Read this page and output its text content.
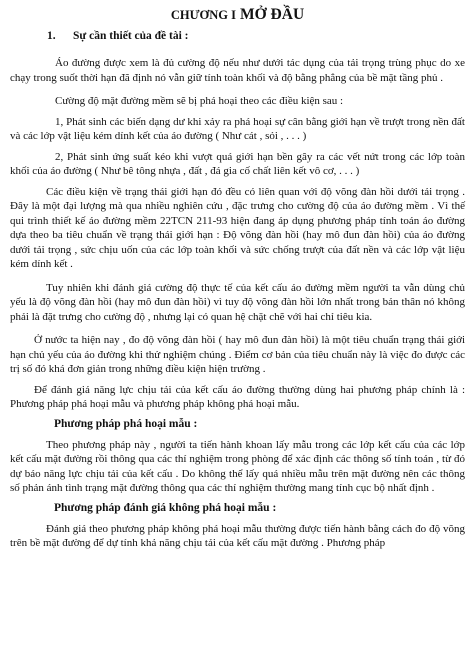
CHƯƠNG I MỞ ĐẦU
1. Sự cần thiết của đề tài :

Áo đường được xem là đủ cường độ nếu như dưới tác dụng của tải trọng trùng phục do xe chạy trong suốt thời hạn đã định nó vẫn giữ tính toàn khối và độ bằng phẳng của bề mặt tầng phủ .

Cường độ mặt đường mềm sẽ bị phá hoại theo các điều kiện sau :

1, Phát sinh các biến dạng dư khi xảy ra phá hoại sự cân bằng giới hạn về trượt trong nền đất và các lớp vật liệu kém dính kết của áo đường ( Như cát , sỏi , . . . )

2, Phát sinh ứng suất kéo khi vượt quá giới hạn bền gây ra các vết nứt trong các lớp toàn khối của áo đường ( Như bê tông nhựa , đất , đá gia cố chất liên kết vô cơ, . . . )

Các điều kiện về trạng thái giới hạn đó đều có liên quan với độ võng đàn hồi dưới tải trọng . Đây là một đại lượng mà qua nhiều nghiên cứu , đặc trưng cho cường độ của áo đường mềm . Vì thế qui trình thiết kế áo đường mềm 22TCN 211-93 hiện đang áp dụng phương pháp tính toán áo đường dựa theo ba tiêu chuẩn về trạng thái giới hạn : Độ võng đàn hồi (hay mô đun đàn hồi) của áo đường dưới tải trọng , sức chịu uốn của các lớp toàn khối và sức chống trượt của đất nền và các lớp vật liệu kém dính kết .

Tuy nhiên khi đánh giá cường độ thực tế của kết cấu áo đường mềm người ta vẫn dùng chủ yếu là độ võng đàn hồi (hay mô đun đàn hồi) vì tuy độ võng đàn hồi lớn nhất trong bản thân nó không phải là đặt trưng cho cường độ , nhưng lại có quan hệ chặt chẽ với hai chỉ tiêu kia.

Ở nước ta hiện nay , đo độ võng đàn hồi ( hay mô đun đàn hồi) là một tiêu chuẩn trạng thái giới hạn chủ yếu của áo đường khi thử nghiệm chúng . Điểm cơ bản của tiêu chuẩn này là việc đo được các trị số đó khá đơn giản trong những điều kiện hiện trường .

Để đánh giá năng lực chịu tải của kết cấu áo đường thường dùng hai phương pháp chính là : Phương pháp phá hoại mẫu và phương pháp không phá hoại mẫu.

Phương pháp phá hoại mẫu :

Theo phương pháp này , người ta tiến hành khoan lấy mẫu trong các lớp kết cấu của các lớp kết cấu mặt đường rồi thông qua các thí nghiệm trong phòng để xác định các thông số tính toán , từ đó dự báo năng lực chịu tải của kết cấu . Do không thể lấy quá nhiều mẫu trên mặt đường nên các thông số phản ánh tình trạng mặt đường thông qua các thí nghiệm thường mang tính cục bộ nhất định .

Phương pháp đánh giá không phá hoại mẫu :

Đánh giá theo phương pháp không phá hoại mẫu thường được tiến hành bằng cách đo độ võng trên bề mặt đường để dự tính khả năng chịu tải của kết cấu mặt đường . Phương pháp
